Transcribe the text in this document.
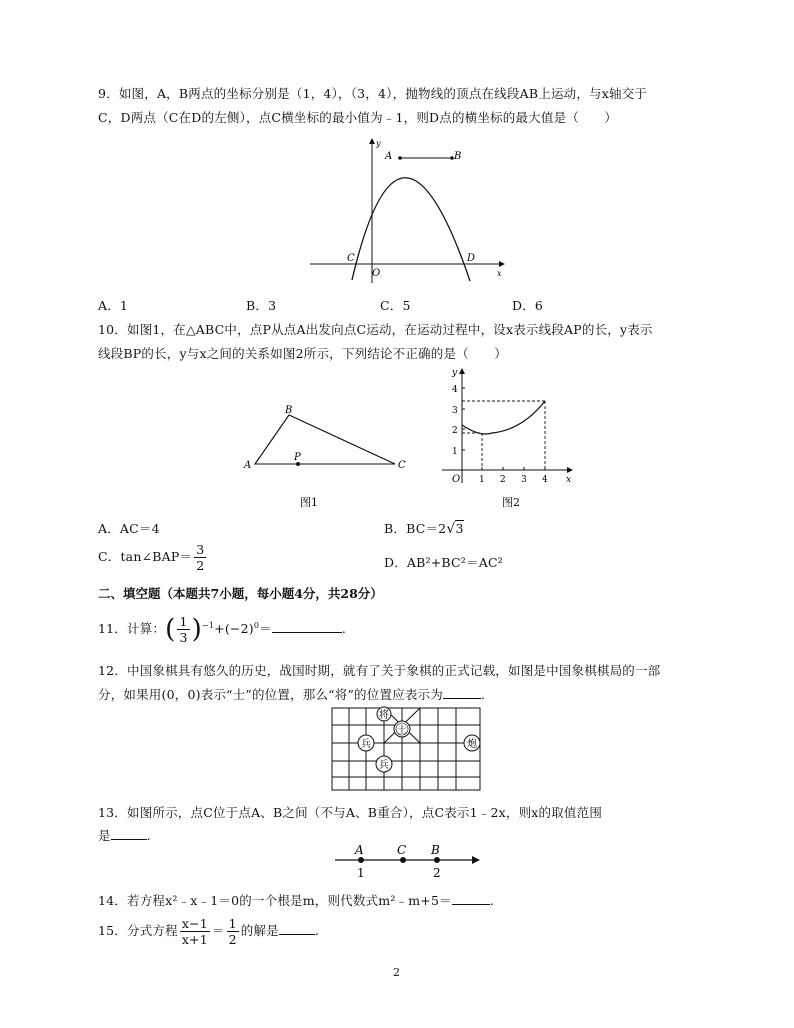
9．如图，A，B两点的坐标分别是（1，4），（3，4），抛物线的顶点在线段AB上运动，与x轴交于
C，D两点（C在D的左侧），点C横坐标的最小值为﹣1，则D点的横坐标的最大值是（　　）
A	B
C	D
O	x
y
A．1	B．3	C．5	D．6
10．如图1，在△ABC中，点P从点A出发向点C运动，在运动过程中，设x表示线段AP的长，y表示
线段BP的长，y与x之间的关系如图2所示，下列结论不正确的是（　　）
A
B
C
P
图1
4
3
2
1
1 2 3 4
O	x
y
图2
A．AC＝4	B．BC＝2√3
C．tan∠BAP＝ $\frac{3}{2}$	D．AB²+BC²＝AC²
二、填空题（本题共7小题，每小题4分，共28分）
11．计算：( $\frac{1}{3} )^{-1}+(-2)^0=$	.
12．中国象棋具有悠久的历史，战国时期，就有了关于象棋的正式记载，如图是中国象棋棋局的一部
分，如果用(0，0)表示“士”的位置，那么“将”的位置应表示为	.
将
士
兵	炮
兵
13．如图所示，点C位于点A、B之间（不与A、B重合），点C表示1﹣2x，则x的取值范围
是	.
A	C B
1	2
14．若方程x²﹣x﹣1＝0的一个根是m，则代数式m²﹣m+5＝	.
15．分式方程 $\frac{x-1}{x+1} = \frac{1}{2}$ 的解是	.
2
